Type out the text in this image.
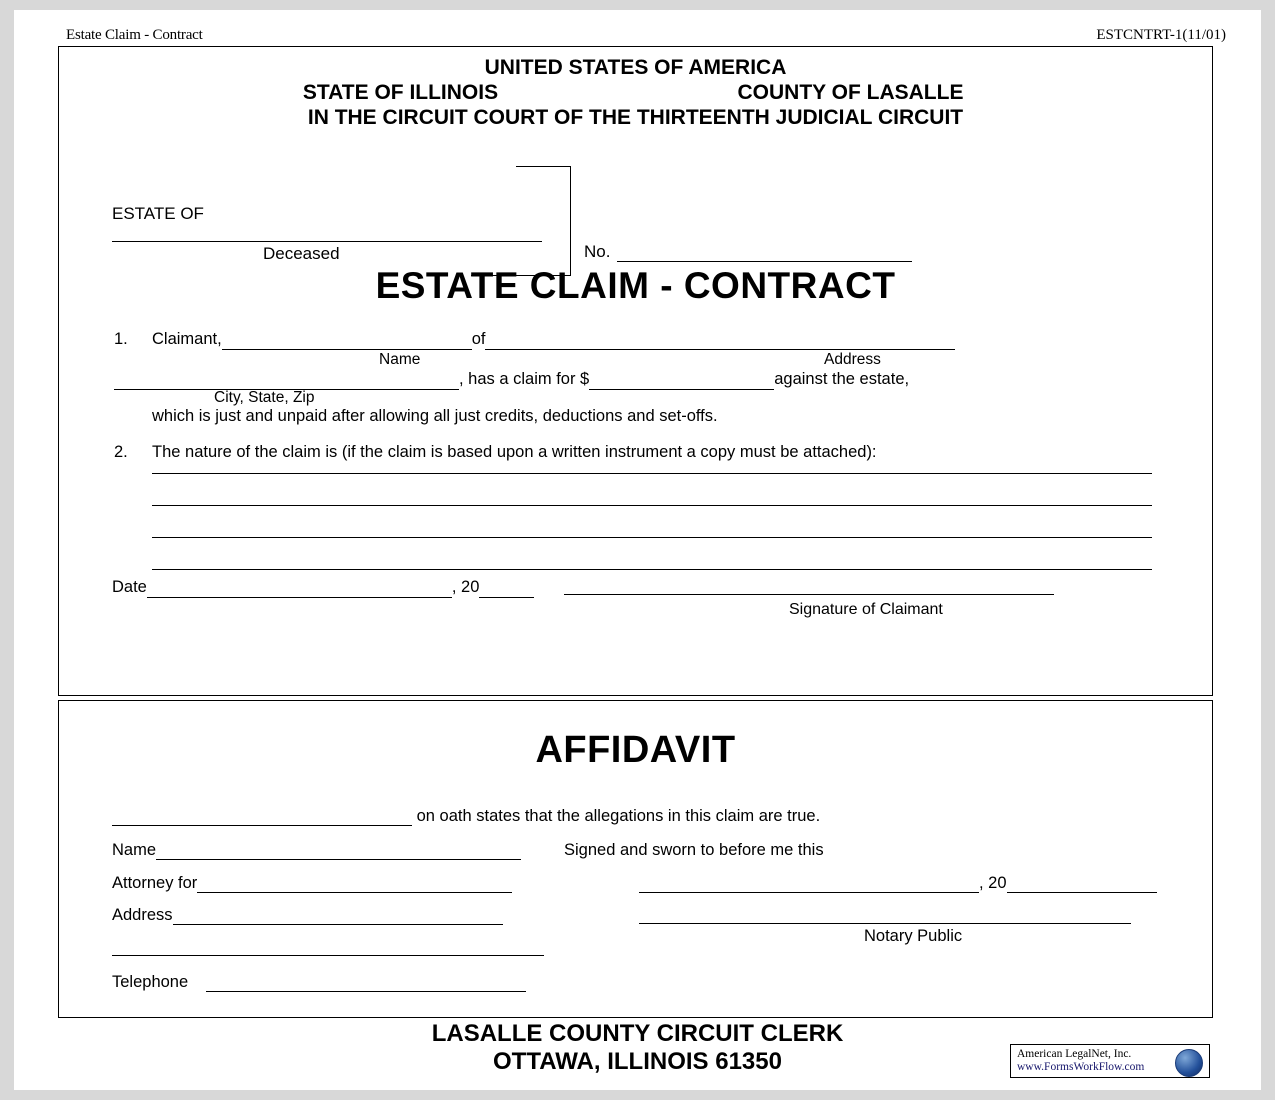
Estate Claim - Contract	ESTCNTRT-1(11/01)
UNITED STATES OF AMERICA
STATE OF ILLINOIS	COUNTY OF LASALLE
IN THE CIRCUIT COURT OF THE THIRTEENTH JUDICIAL CIRCUIT
ESTATE OF
Deceased	No.
ESTATE CLAIM - CONTRACT
1. Claimant,	of
Name	Address
, has a claim for $	against the estate,
City, State, Zip
which is just and unpaid after allowing all just credits, deductions and set-offs.
2. The nature of the claim is (if the claim is based upon a written instrument a copy must be attached):
Date	, 20
Signature of Claimant
AFFIDAVIT
on oath states that the allegations in this claim are true.
Name	Signed and sworn to before me this
Attorney for	, 20
Address
Notary Public
Telephone
LASALLE COUNTY CIRCUIT CLERK
OTTAWA, ILLINOIS 61350	American LegalNet, Inc.
www.FormsWorkFlow.com
